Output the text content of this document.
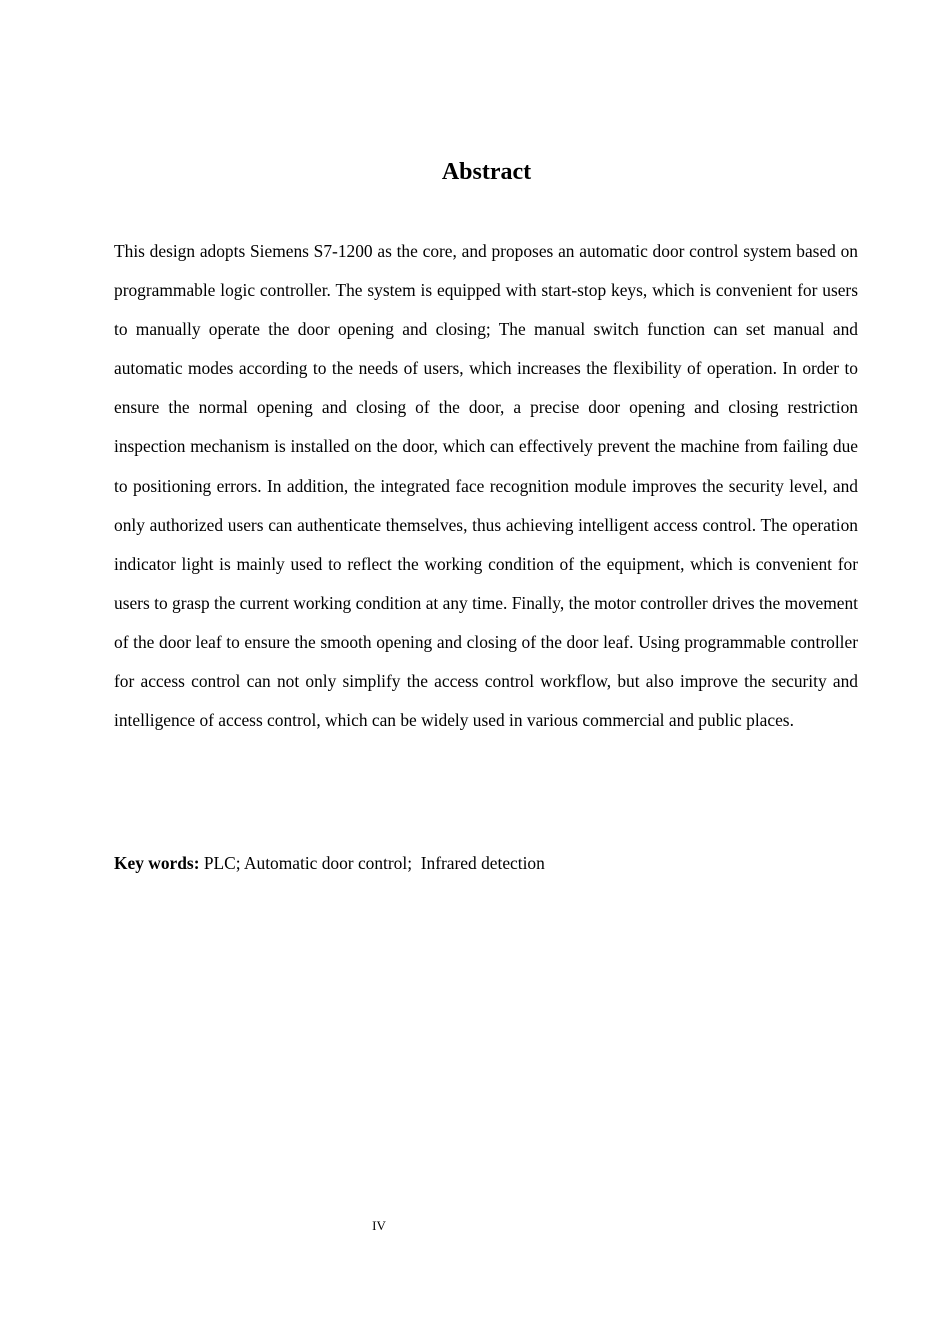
Abstract

This design adopts Siemens S7-1200 as the core, and proposes an automatic door control system based on programmable logic controller. The system is equipped with start-stop keys, which is convenient for users to manually operate the door opening and closing; The manual switch function can set manual and automatic modes according to the needs of users, which increases the flexibility of operation. In order to ensure the normal opening and closing of the door, a precise door opening and closing restriction inspection mechanism is installed on the door, which can effectively prevent the machine from failing due to positioning errors. In addition, the integrated face recognition module improves the security level, and only authorized users can authenticate themselves, thus achieving intelligent access control. The operation indicator light is mainly used to reflect the working condition of the equipment, which is convenient for users to grasp the current working condition at any time. Finally, the motor controller drives the movement of the door leaf to ensure the smooth opening and closing of the door leaf. Using programmable controller for access control can not only simplify the access control workflow, but also improve the security and intelligence of access control, which can be widely used in various commercial and public places.

Key words: PLC; Automatic door control;  Infrared detection

IV
